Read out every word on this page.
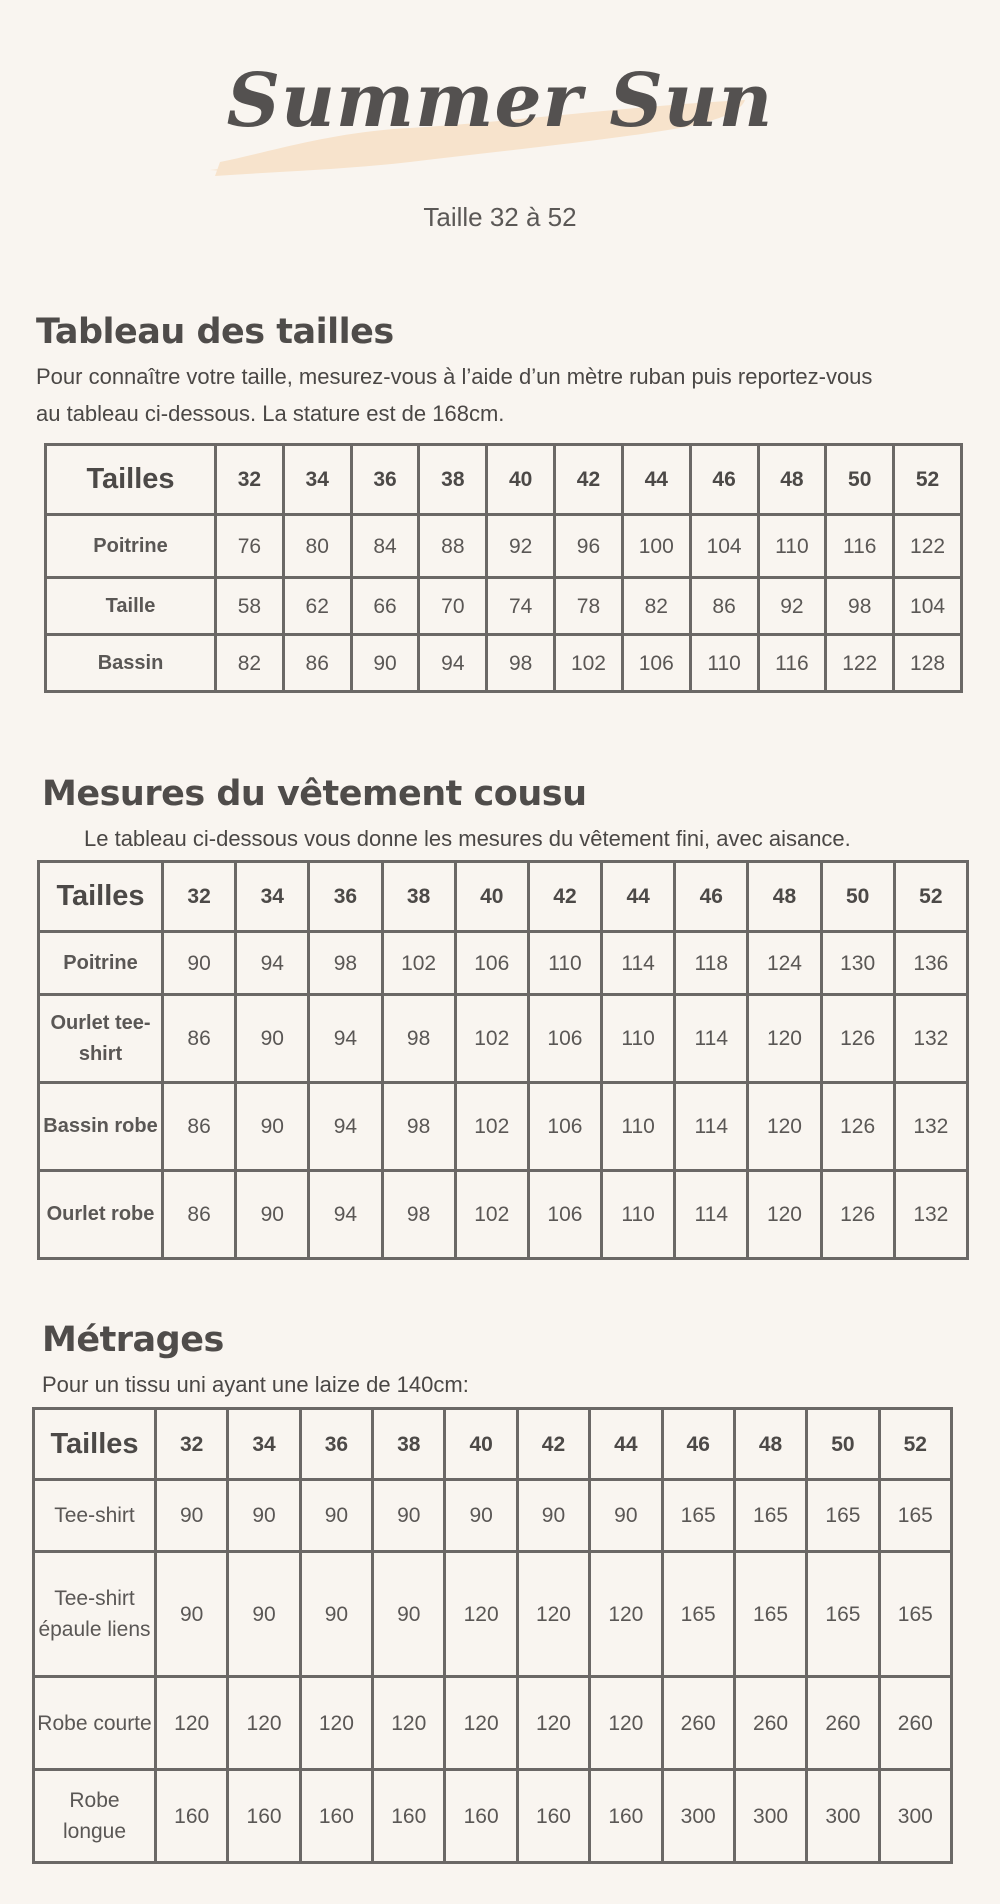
Summer Sun
Taille 32 à 52
Tableau des tailles

Pour connaître votre taille, mesurez-vous à l’aide d’un mètre ruban puis reportez-vous

au tableau ci-dessous. La stature est de 168cm.

Tailles	32	34	36	38	40	42	44	46	48	50	52
Poitrine	76	80	84	88	92	96	100	104	110	116	122
Taille	58	62	66	70	74	78	82	86	92	98	104
Bassin	82	86	90	94	98	102	106	110	116	122	128
Mesures du vêtement cousu

Le tableau ci-dessous vous donne les mesures du vêtement fini, avec aisance.

Tailles	32	34	36	38	40	42	44	46	48	50	52
Poitrine	90	94	98	102	106	110	114	118	124	130	136
Ourlet tee-shirt	86	90	94	98	102	106	110	114	120	126	132
Bassin robe	86	90	94	98	102	106	110	114	120	126	132
Ourlet robe	86	90	94	98	102	106	110	114	120	126	132
Métrages

Pour un tissu uni ayant une laize de 140cm:

Tailles	32	34	36	38	40	42	44	46	48	50	52
Tee-shirt	90	90	90	90	90	90	90	165	165	165	165
Tee-shirt épaule liens	90	90	90	90	120	120	120	165	165	165	165
Robe courte	120	120	120	120	120	120	120	260	260	260	260
Robe longue	160	160	160	160	160	160	160	300	300	300	300
